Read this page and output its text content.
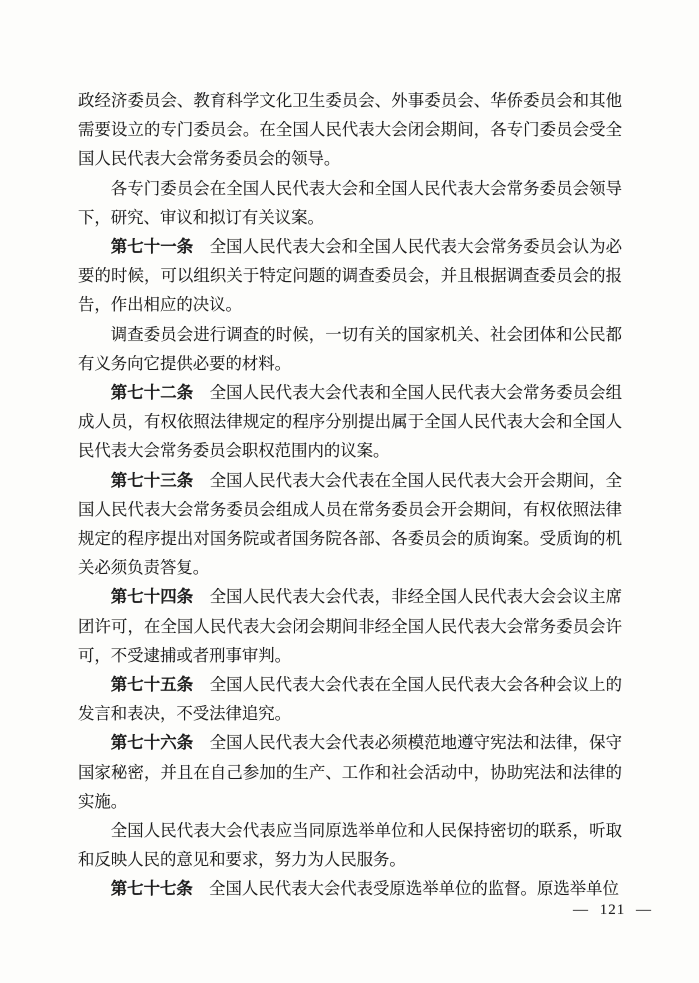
政经济委员会、教育科学文化卫生委员会、外事委员会、华侨委员会和其他需要设立的专门委员会。在全国人民代表大会闭会期间，各专门委员会受全国人民代表大会常务委员会的领导。

各专门委员会在全国人民代表大会和全国人民代表大会常务委员会领导下，研究、审议和拟订有关议案。

第七十一条 全国人民代表大会和全国人民代表大会常务委员会认为必要的时候，可以组织关于特定问题的调查委员会，并且根据调查委员会的报告，作出相应的决议。

调查委员会进行调查的时候，一切有关的国家机关、社会团体和公民都有义务向它提供必要的材料。

第七十二条 全国人民代表大会代表和全国人民代表大会常务委员会组成人员，有权依照法律规定的程序分别提出属于全国人民代表大会和全国人民代表大会常务委员会职权范围内的议案。

第七十三条 全国人民代表大会代表在全国人民代表大会开会期间，全国人民代表大会常务委员会组成人员在常务委员会开会期间，有权依照法律规定的程序提出对国务院或者国务院各部、各委员会的质询案。受质询的机关必须负责答复。

第七十四条 全国人民代表大会代表，非经全国人民代表大会会议主席团许可，在全国人民代表大会闭会期间非经全国人民代表大会常务委员会许可，不受逮捕或者刑事审判。

第七十五条 全国人民代表大会代表在全国人民代表大会各种会议上的发言和表决，不受法律追究。

第七十六条 全国人民代表大会代表必须模范地遵守宪法和法律，保守国家秘密，并且在自己参加的生产、工作和社会活动中，协助宪法和法律的实施。

全国人民代表大会代表应当同原选举单位和人民保持密切的联系，听取和反映人民的意见和要求，努力为人民服务。

第七十七条 全国人民代表大会代表受原选举单位的监督。原选举单位

— 121 —
